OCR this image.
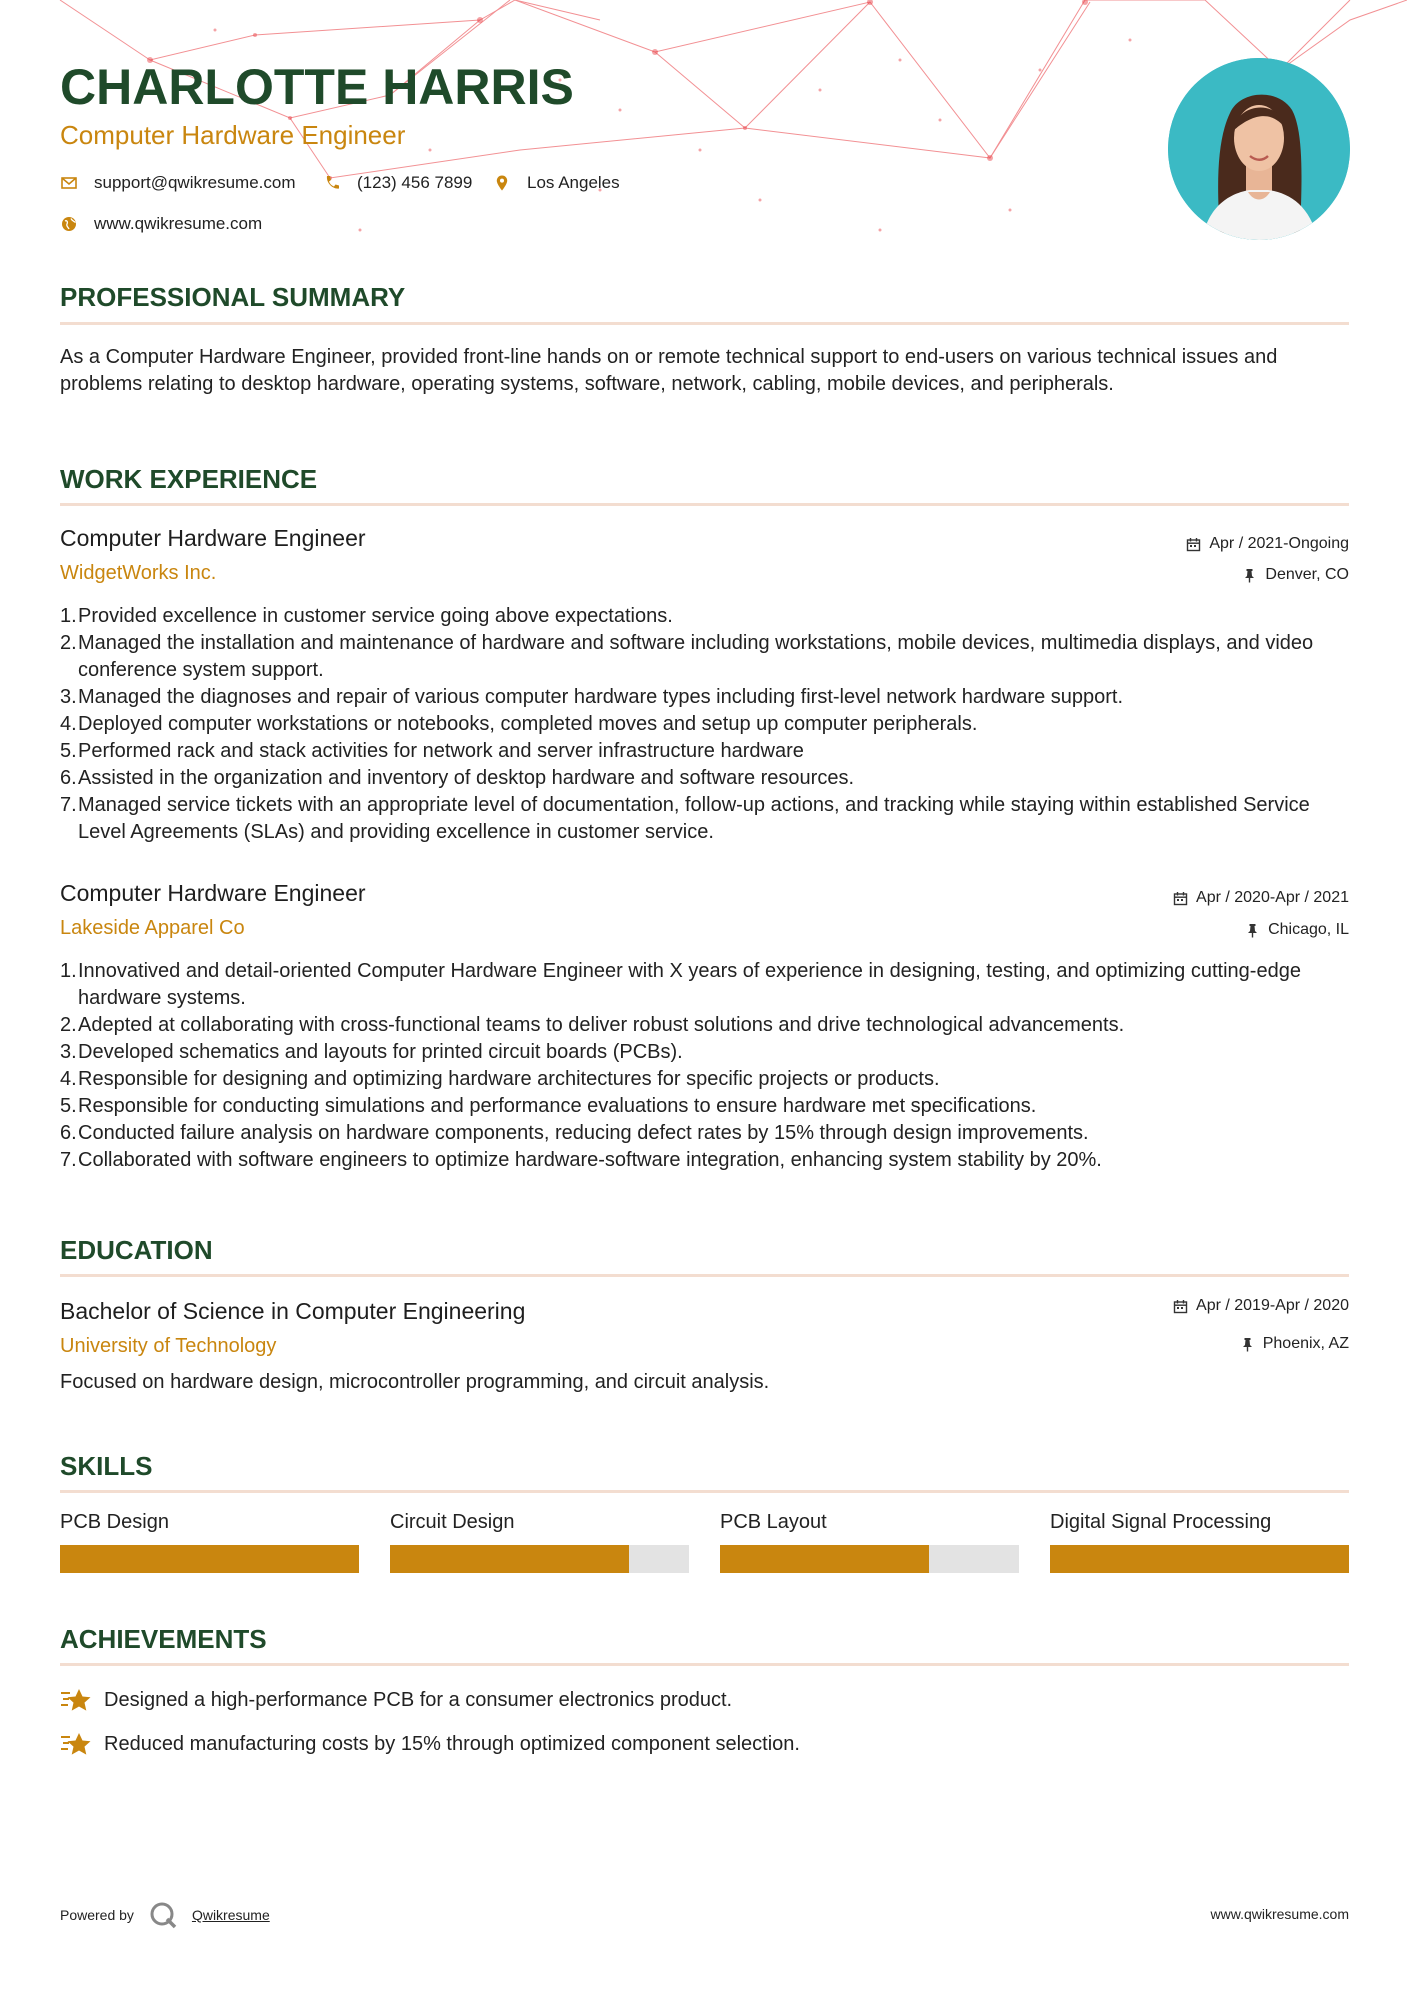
CHARLOTTE HARRIS
Computer Hardware Engineer
support@qwikresume.com	(123) 456 7899	Los Angeles
www.qwikresume.com
PROFESSIONAL SUMMARY
As a Computer Hardware Engineer, provided front-line hands on or remote technical support to end-users on various technical issues and problems relating to desktop hardware, operating systems, software, network, cabling, mobile devices, and peripherals.
WORK EXPERIENCE
Computer Hardware Engineer
WidgetWorks Inc.
Apr / 2021-Ongoing
Denver, CO
1. Provided excellence in customer service going above expectations.
2. Managed the installation and maintenance of hardware and software including workstations, mobile devices, multimedia displays, and video conference system support.
3. Managed the diagnoses and repair of various computer hardware types including first-level network hardware support.
4. Deployed computer workstations or notebooks, completed moves and setup up computer peripherals.
5. Performed rack and stack activities for network and server infrastructure hardware
6. Assisted in the organization and inventory of desktop hardware and software resources.
7. Managed service tickets with an appropriate level of documentation, follow-up actions, and tracking while staying within established Service Level Agreements (SLAs) and providing excellence in customer service.
Computer Hardware Engineer
Lakeside Apparel Co
Apr / 2020-Apr / 2021
Chicago, IL
1. Innovatived and detail-oriented Computer Hardware Engineer with X years of experience in designing, testing, and optimizing cutting-edge hardware systems.
2. Adepted at collaborating with cross-functional teams to deliver robust solutions and drive technological advancements.
3. Developed schematics and layouts for printed circuit boards (PCBs).
4. Responsible for designing and optimizing hardware architectures for specific projects or products.
5. Responsible for conducting simulations and performance evaluations to ensure hardware met specifications.
6. Conducted failure analysis on hardware components, reducing defect rates by 15% through design improvements.
7. Collaborated with software engineers to optimize hardware-software integration, enhancing system stability by 20%.
EDUCATION
Bachelor of Science in Computer Engineering
University of Technology
Apr / 2019-Apr / 2020
Phoenix, AZ
Focused on hardware design, microcontroller programming, and circuit analysis.
SKILLS
PCB Design	Circuit Design	PCB Layout	Digital Signal Processing
ACHIEVEMENTS
Designed a high-performance PCB for a consumer electronics product.
Reduced manufacturing costs by 15% through optimized component selection.
Powered by	Qwikresume	www.qwikresume.com
